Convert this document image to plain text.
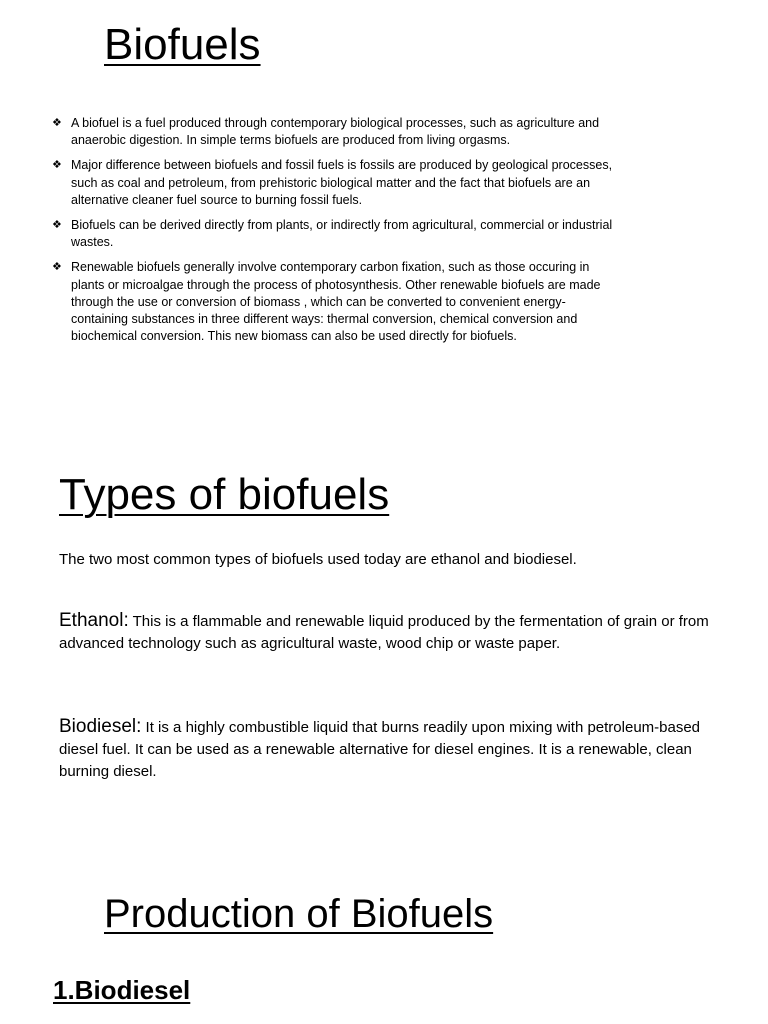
Biofuels
❖ A biofuel is a fuel produced through contemporary biological processes, such as agriculture and anaerobic digestion. In simple terms biofuels are produced from living orgasms.
❖ Major difference between biofuels and fossil fuels is fossils are produced by geological processes, such as coal and petroleum, from prehistoric biological matter and the fact that biofuels are an alternative cleaner fuel source to burning fossil fuels.
❖ Biofuels can be derived directly from plants, or indirectly from agricultural, commercial or industrial wastes.
❖ Renewable biofuels generally involve contemporary carbon fixation, such as those occuring in plants or microalgae through the process of photosynthesis. Other renewable biofuels are made through the use or conversion of biomass , which can be converted to convenient energy-containing substances in three different ways: thermal conversion, chemical conversion and biochemical conversion. This new biomass can also be used directly for biofuels.
Types of biofuels

The two most common types of biofuels used today are ethanol and biodiesel.

Ethanol: This is a flammable and renewable liquid produced by the fermentation of grain or from advanced technology such as agricultural waste, wood chip or waste paper.

Biodiesel: It is a highly combustible liquid that burns readily upon mixing with petroleum-based diesel fuel. It can be used as a renewable alternative for diesel engines. It is a renewable, clean burning diesel.

Production of Biofuels
1.Biodiesel
